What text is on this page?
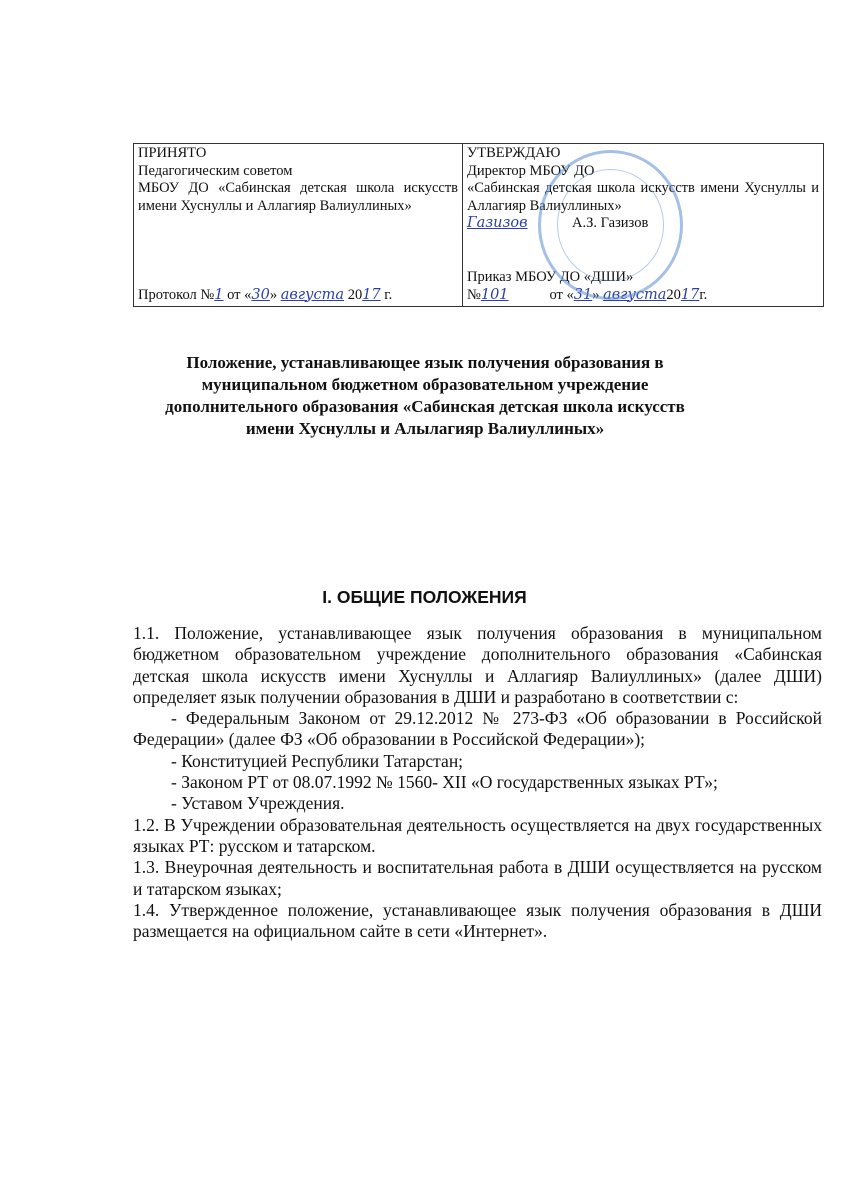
ПРИНЯТО
Педагогическим советом
МБОУ ДО «Сабинская детская школа искусств имени Хуснуллы и Аллагияр Валиуллиных»
Протокол №1 от «30» августа 2017 г.
УТВЕРЖДАЮ
Директор МБОУ ДО
«Сабинская детская школа искусств имени Хуснуллы и Аллагияр Валиуллиных»
Газизов	А.З. Газизов
Приказ МБОУ ДО «ДШИ»
№101	от «31» августа2017г.
Положение, устанавливающее язык получения образования в муниципальном бюджетном образовательном учреждение дополнительного образования «Сабинская детская школа искусств имени Хуснуллы и Алылагияр Валиуллиных»
I. ОБЩИЕ ПОЛОЖЕНИЯ

1.1. Положение, устанавливающее язык получения образования в муниципальном бюджетном образовательном учреждение дополнительного образования «Сабинская детская школа искусств имени Хуснуллы и Аллагияр Валиуллиных» (далее ДШИ) определяет язык получении образования в ДШИ и разработано в соответствии с:

- Федеральным Законом от 29.12.2012 № 273-ФЗ «Об образовании в Российской Федерации» (далее ФЗ «Об образовании в Российской Федерации»);

- Конституцией Республики Татарстан;

- Законом РТ от 08.07.1992 № 1560- XII «О государственных языках РТ»;

- Уставом Учреждения.

1.2. В Учреждении образовательная деятельность осуществляется на двух государственных языках РТ: русском и татарском.

1.3. Внеурочная деятельность и воспитательная работа в ДШИ осуществляется на русском и татарском языках;

1.4. Утвержденное положение, устанавливающее язык получения образования в ДШИ размещается на официальном сайте в сети «Интернет».
